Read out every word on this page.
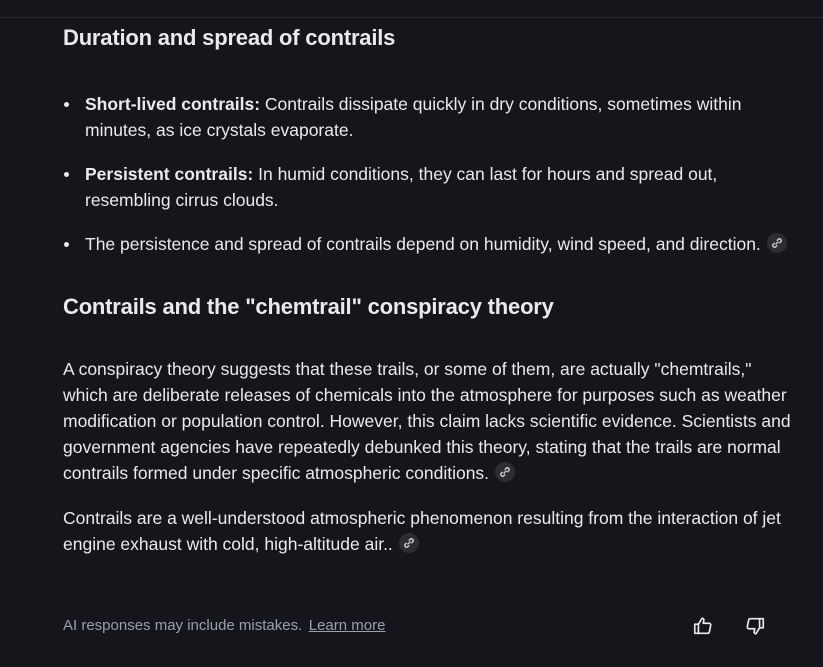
Duration and spread of contrails
Short-lived contrails: Contrails dissipate quickly in dry conditions, sometimes within minutes, as ice crystals evaporate.
Persistent contrails: In humid conditions, they can last for hours and spread out, resembling cirrus clouds.
The persistence and spread of contrails depend on humidity, wind speed, and direction.
Contrails and the "chemtrail" conspiracy theory

A conspiracy theory suggests that these trails, or some of them, are actually "chemtrails," which are deliberate releases of chemicals into the atmosphere for purposes such as weather modification or population control. However, this claim lacks scientific evidence. Scientists and government agencies have repeatedly debunked this theory, stating that the trails are normal contrails formed under specific atmospheric conditions.

Contrails are a well-understood atmospheric phenomenon resulting from the interaction of jet engine exhaust with cold, high-altitude air..

AI responses may include mistakes. Learn more
